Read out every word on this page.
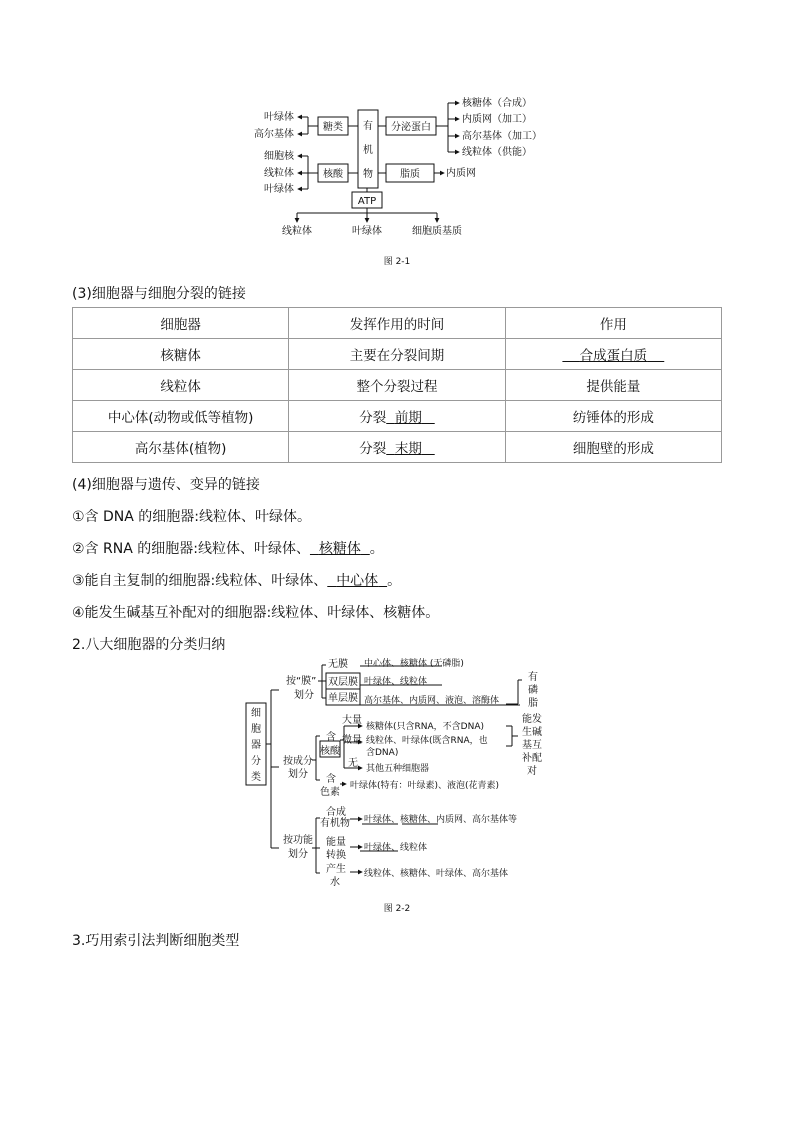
有
机
物
糖类
核酸
分泌蛋白
脂质
ATP
叶绿体
高尔基体
细胞核
线粒体
叶绿体
核糖体（合成）
内质网（加工）
高尔基体（加工）
线粒体（供能）
内质网
线粒体	叶绿体	细胞质基质
图 2-1
(3)细胞器与细胞分裂的链接
细胞器	发挥作用的时间	作用
核糖体	主要在分裂间期	合成蛋白质
线粒体	整个分裂过程	提供能量
中心体(动物或低等植物)	分裂 前期	纺锤体的形成
高尔基体(植物)	分裂 末期	细胞壁的形成
(4)细胞器与遗传、变异的链接
①含 DNA 的细胞器:线粒体、叶绿体。
②含 RNA 的细胞器:线粒体、叶绿体、 核糖体 。
③能自主复制的细胞器:线粒体、叶绿体、 中心体 。
④能发生碱基互补配对的细胞器:线粒体、叶绿体、核糖体。
2.八大细胞器的分类归纳
细
胞
器
分
类
按“膜”
划分
无膜 中心体、核糖体 (无磷脂)
双层膜 叶绿体、线粒体
单层膜 高尔基体、内质网、液泡、溶酶体
有
磷
脂
按成分
划分
含
核酸
大量
核糖体(只含RNA，不含DNA)
微量 线粒体、叶绿体(既含RNA，也
含DNA)
无 其他五种细胞器
含
色素
叶绿体(特有：叶绿素)、液泡(花青素)
能发
生碱
基互
补配
对
按功能
划分
合成
有机物 叶绿体、核糖体、内质网、高尔基体等
能量
转换
叶绿体、线粒体
产生
水
线粒体、核糖体、叶绿体、高尔基体
图 2-2
3.巧用索引法判断细胞类型
